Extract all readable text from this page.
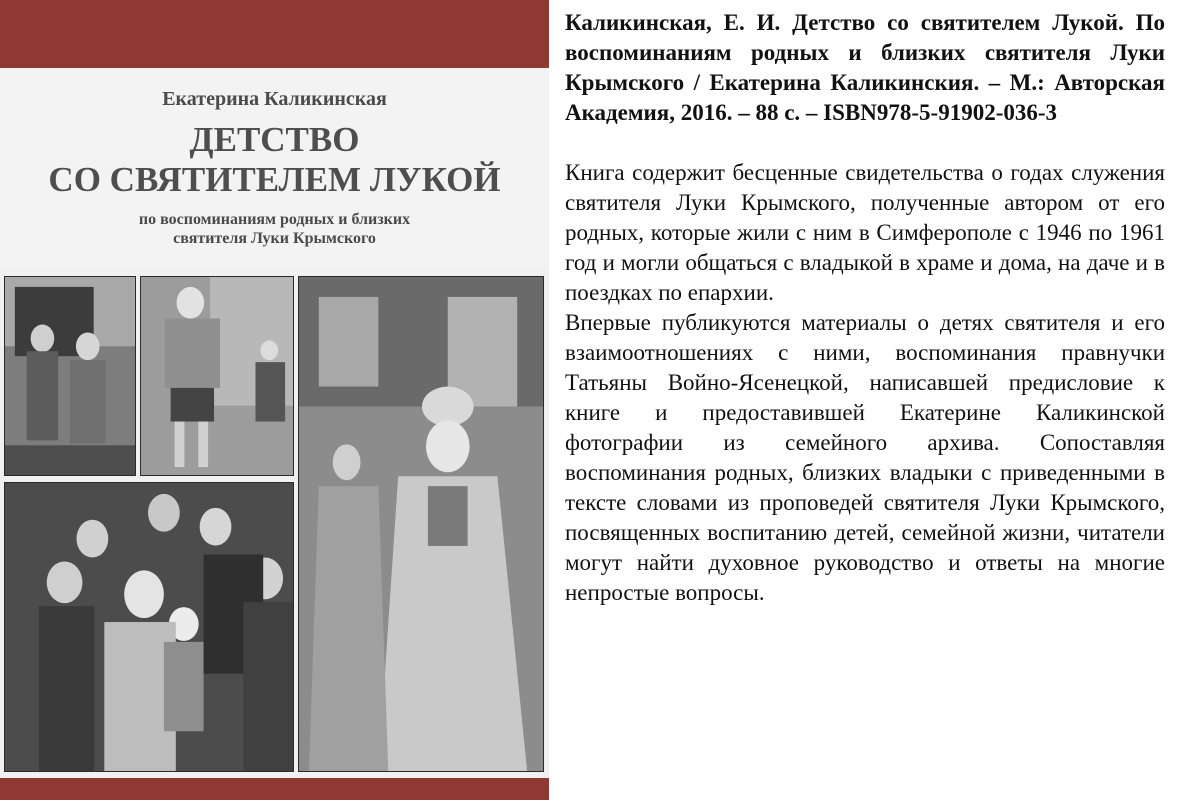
Екатерина Каликинская
ДЕТСТВО
СО СВЯТИТЕЛЕМ ЛУКОЙ
по воспоминаниям родных и близких
святителя Луки Крымского

Каликинская, Е. И. Детство со святителем Лукой. По воспоминаниям родных и близких святителя Луки Крымского / Екатерина Каликинския. – М.: Авторская Академия, 2016. – 88 с. – ISBN978-5-91902-036-3

Книга содержит бесценные свидетельства о годах служения святителя Луки Крымского, полученные автором от его родных, которые жили с ним в Симферополе с 1946 по 1961 год и могли общаться с владыкой в храме и дома, на даче и в поездках по епархии.

Впервые публикуются материалы о детях святителя и его взаимоотношениях с ними, воспоминания правнучки Татьяны Войно-Ясенецкой, написавшей предисловие к книге и предоставившей Екатерине Каликинской фотографии из семейного архива. Сопоставляя воспоминания родных, близких владыки с приведенными в тексте словами из проповедей святителя Луки Крымского, посвященных воспитанию детей, семейной жизни, читатели могут найти духовное руководство и ответы на многие непростые вопросы.
